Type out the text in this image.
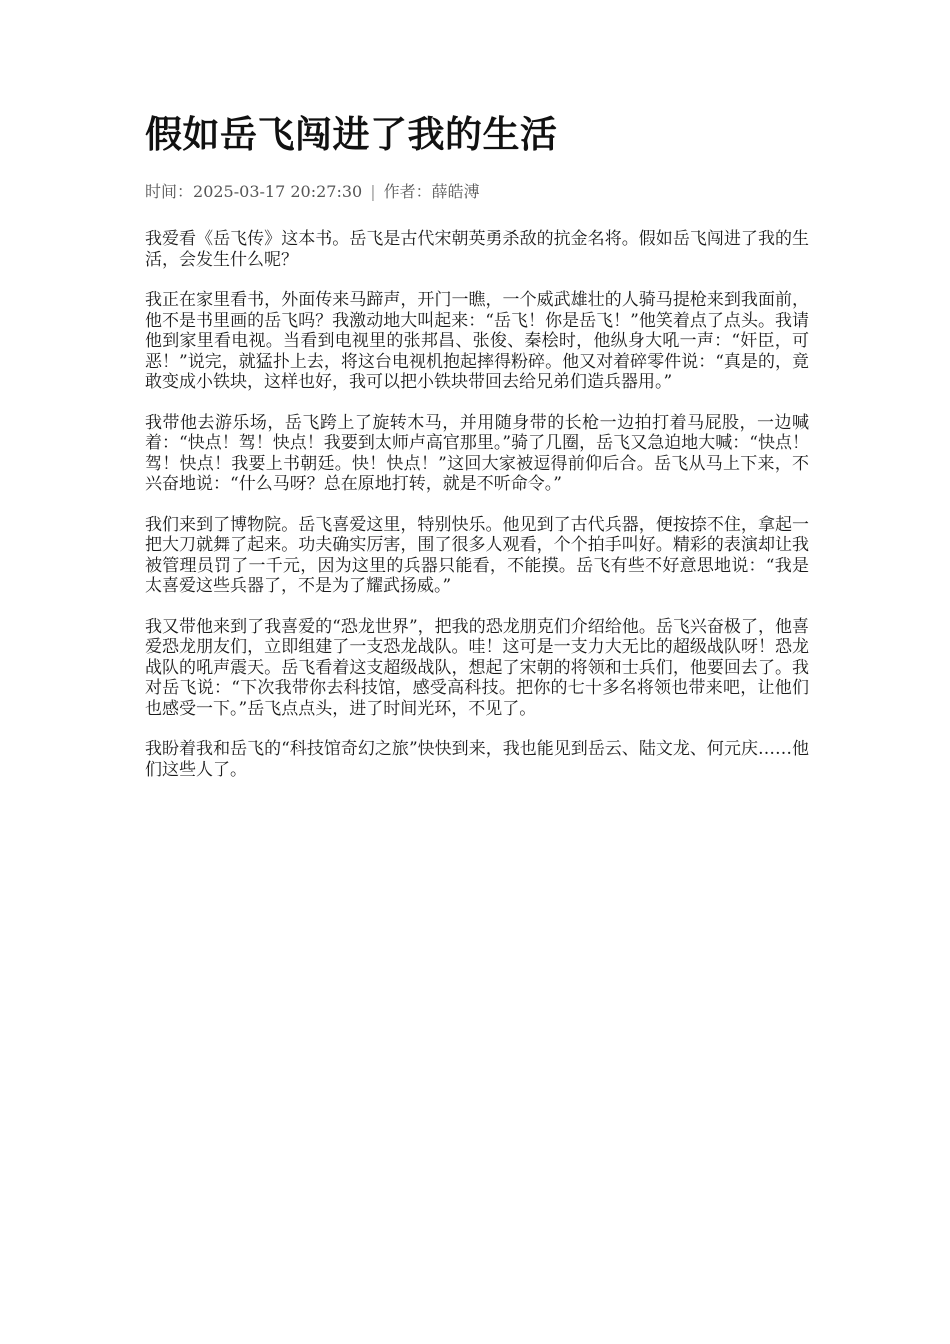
假如岳飞闯进了我的生活
时间：2025-03-17 20:27:30 | 作者：薛皓溥

我爱看《岳飞传》这本书。岳飞是古代宋朝英勇杀敌的抗金名将。假如岳飞闯进了我的生活，会发生什么呢？

我正在家里看书，外面传来马蹄声，开门一瞧，一个威武雄壮的人骑马提枪来到我面前，他不是书里画的岳飞吗？我激动地大叫起来：“岳飞！你是岳飞！”他笑着点了点头。我请他到家里看电视。当看到电视里的张邦昌、张俊、秦桧时，他纵身大吼一声：“奸臣，可恶！”说完，就猛扑上去，将这台电视机抱起摔得粉碎。他又对着碎零件说：“真是的，竟敢变成小铁块，这样也好，我可以把小铁块带回去给兄弟们造兵器用。”

我带他去游乐场，岳飞跨上了旋转木马，并用随身带的长枪一边拍打着马屁股，一边喊着：“快点！驾！快点！我要到太师卢高官那里。”骑了几圈，岳飞又急迫地大喊：“快点！驾！快点！我要上书朝廷。快！快点！”这回大家被逗得前仰后合。岳飞从马上下来，不兴奋地说：“什么马呀？总在原地打转，就是不听命令。”

我们来到了博物院。岳飞喜爱这里，特别快乐。他见到了古代兵器，便按捺不住，拿起一把大刀就舞了起来。功夫确实厉害，围了很多人观看，个个拍手叫好。精彩的表演却让我被管理员罚了一千元，因为这里的兵器只能看，不能摸。岳飞有些不好意思地说：“我是太喜爱这些兵器了，不是为了耀武扬威。”

我又带他来到了我喜爱的“恐龙世界”，把我的恐龙朋克们介绍给他。岳飞兴奋极了，他喜爱恐龙朋友们，立即组建了一支恐龙战队。哇！这可是一支力大无比的超级战队呀！恐龙战队的吼声震天。岳飞看着这支超级战队，想起了宋朝的将领和士兵们，他要回去了。我对岳飞说：“下次我带你去科技馆，感受高科技。把你的七十多名将领也带来吧，让他们也感受一下。”岳飞点点头，进了时间光环，不见了。

我盼着我和岳飞的“科技馆奇幻之旅”快快到来，我也能见到岳云、陆文龙、何元庆……他们这些人了。
